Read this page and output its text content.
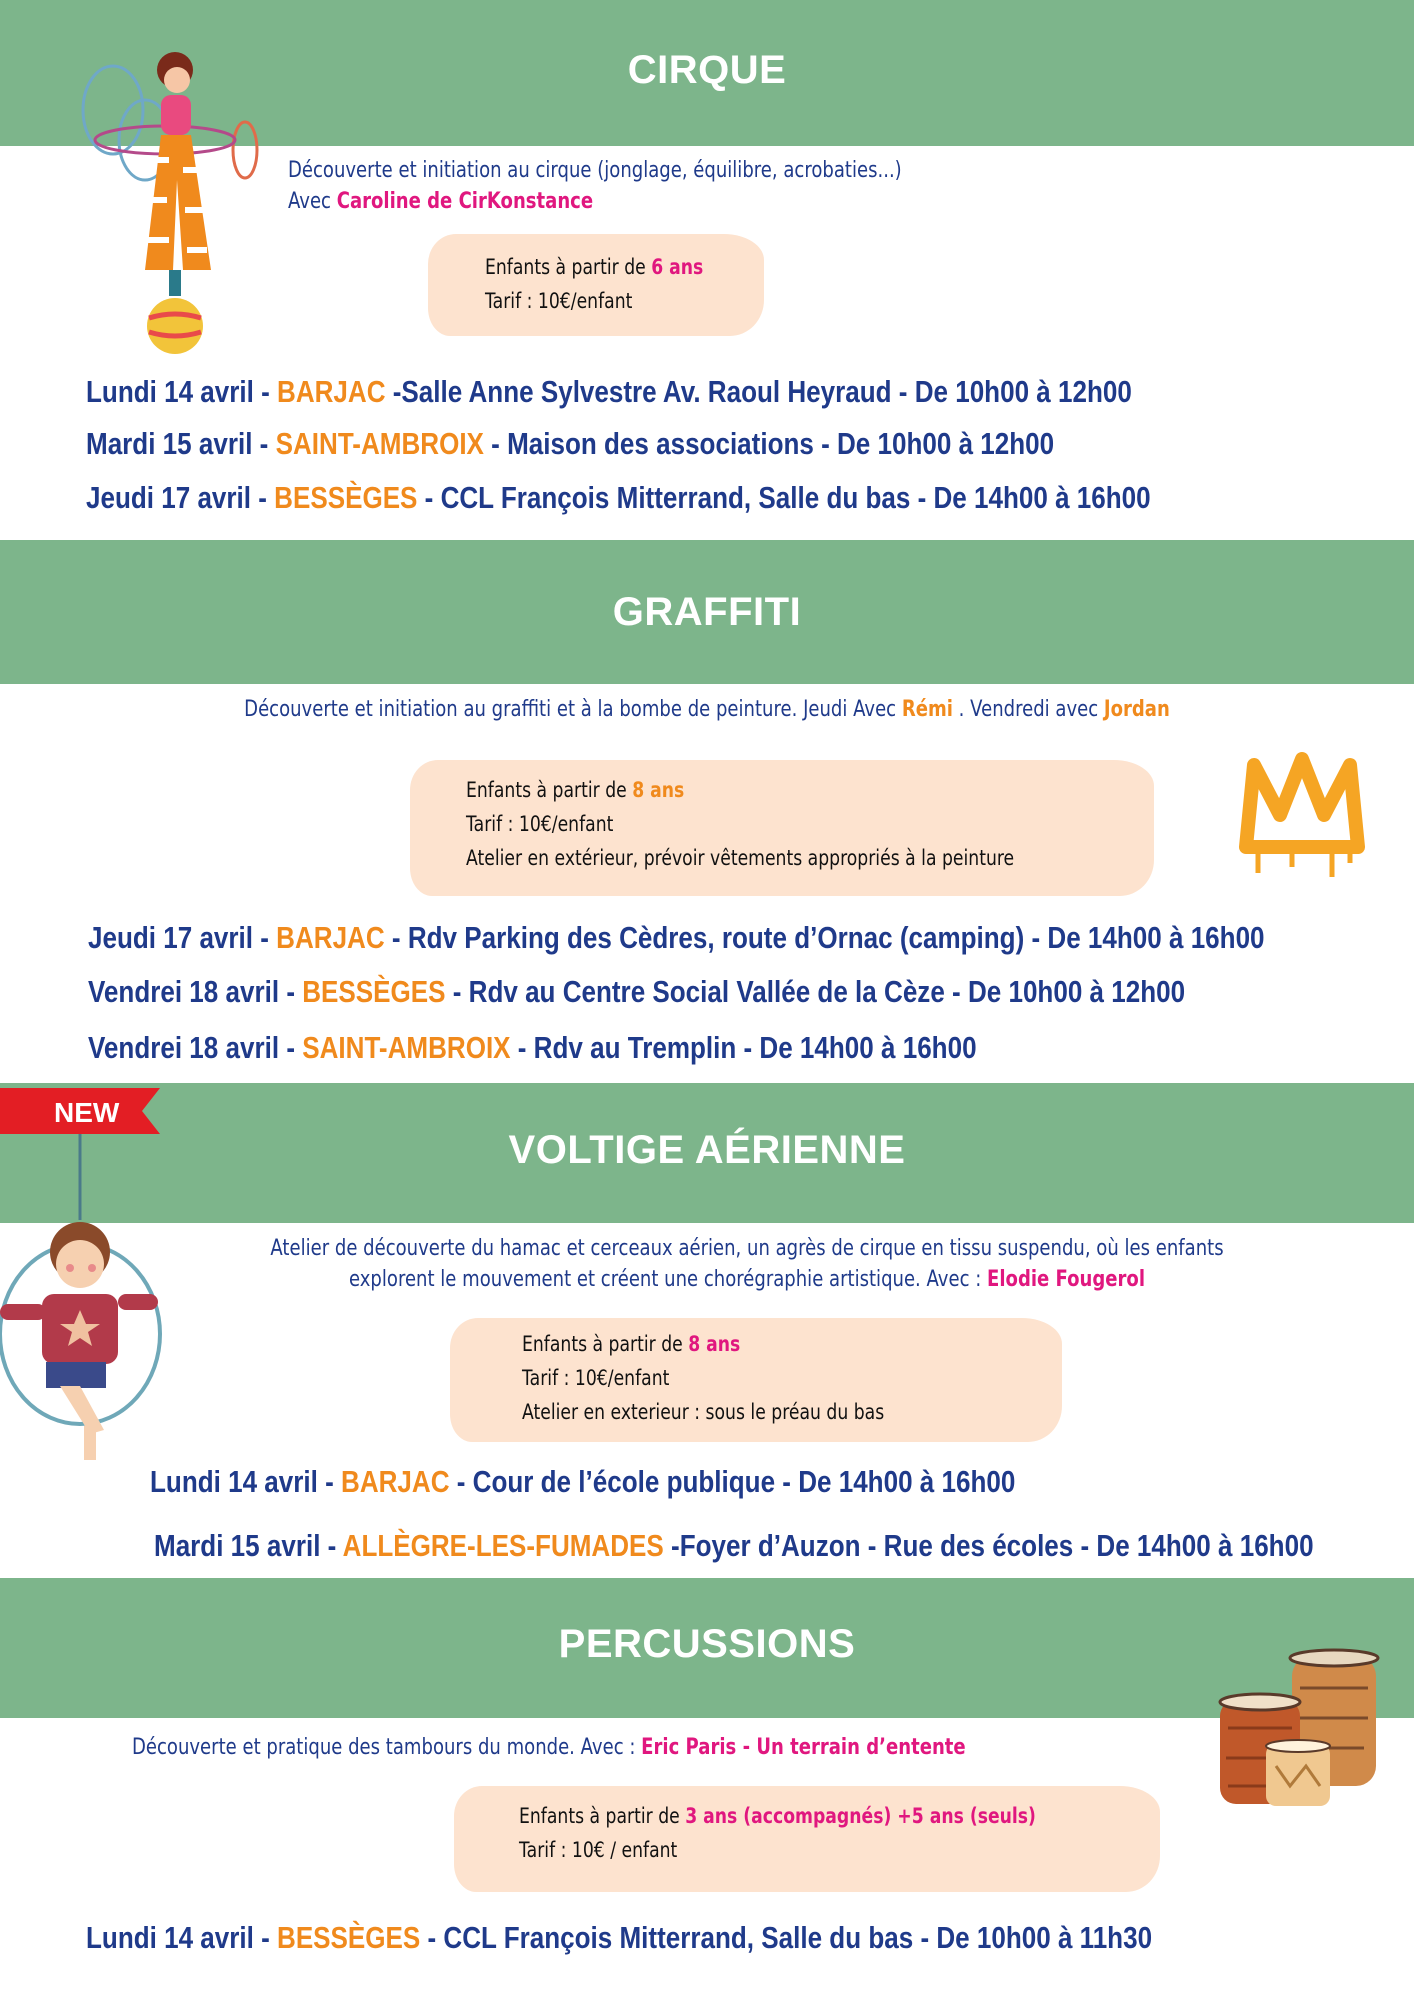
CIRQUE
Découverte et initiation au cirque (jonglage, équilibre, acrobaties...)
Avec Caroline de CirKonstance
Enfants à partir de 6 ans
Tarif : 10€/enfant
Lundi 14 avril - BARJAC -Salle Anne Sylvestre Av. Raoul Heyraud - De 10h00 à 12h00
Mardi 15 avril - SAINT-AMBROIX - Maison des associations - De 10h00 à 12h00
Jeudi 17 avril - BESSÈGES - CCL François Mitterrand, Salle du bas - De 14h00 à 16h00
GRAFFITI
Découverte et initiation au graffiti et à la bombe de peinture. Jeudi Avec Rémi . Vendredi avec Jordan
Enfants à partir de 8 ans
Tarif : 10€/enfant
Atelier en extérieur, prévoir vêtements appropriés à la peinture
Jeudi 17 avril - BARJAC - Rdv Parking des Cèdres, route d’Ornac (camping) - De 14h00 à 16h00
Vendrei 18 avril - BESSÈGES - Rdv au Centre Social Vallée de la Cèze - De 10h00 à 12h00
Vendrei 18 avril - SAINT-AMBROIX - Rdv au Tremplin - De 14h00 à 16h00
VOLTIGE AÉRIENNE
NEW
Atelier de découverte du hamac et cerceaux aérien, un agrès de cirque en tissu suspendu, où les enfants
explorent le mouvement et créent une chorégraphie artistique. Avec : Elodie Fougerol
Enfants à partir de 8 ans
Tarif : 10€/enfant
Atelier en exterieur : sous le préau du bas
Lundi 14 avril - BARJAC - Cour de l’école publique - De 14h00 à 16h00
Mardi 15 avril - ALLÈGRE-LES-FUMADES -Foyer d’Auzon - Rue des écoles - De 14h00 à 16h00
PERCUSSIONS
Découverte et pratique des tambours du monde. Avec : Eric Paris - Un terrain d’entente
Enfants à partir de 3 ans (accompagnés) +5 ans (seuls)
Tarif : 10€ / enfant
Lundi 14 avril - BESSÈGES - CCL François Mitterrand, Salle du bas - De 10h00 à 11h30
